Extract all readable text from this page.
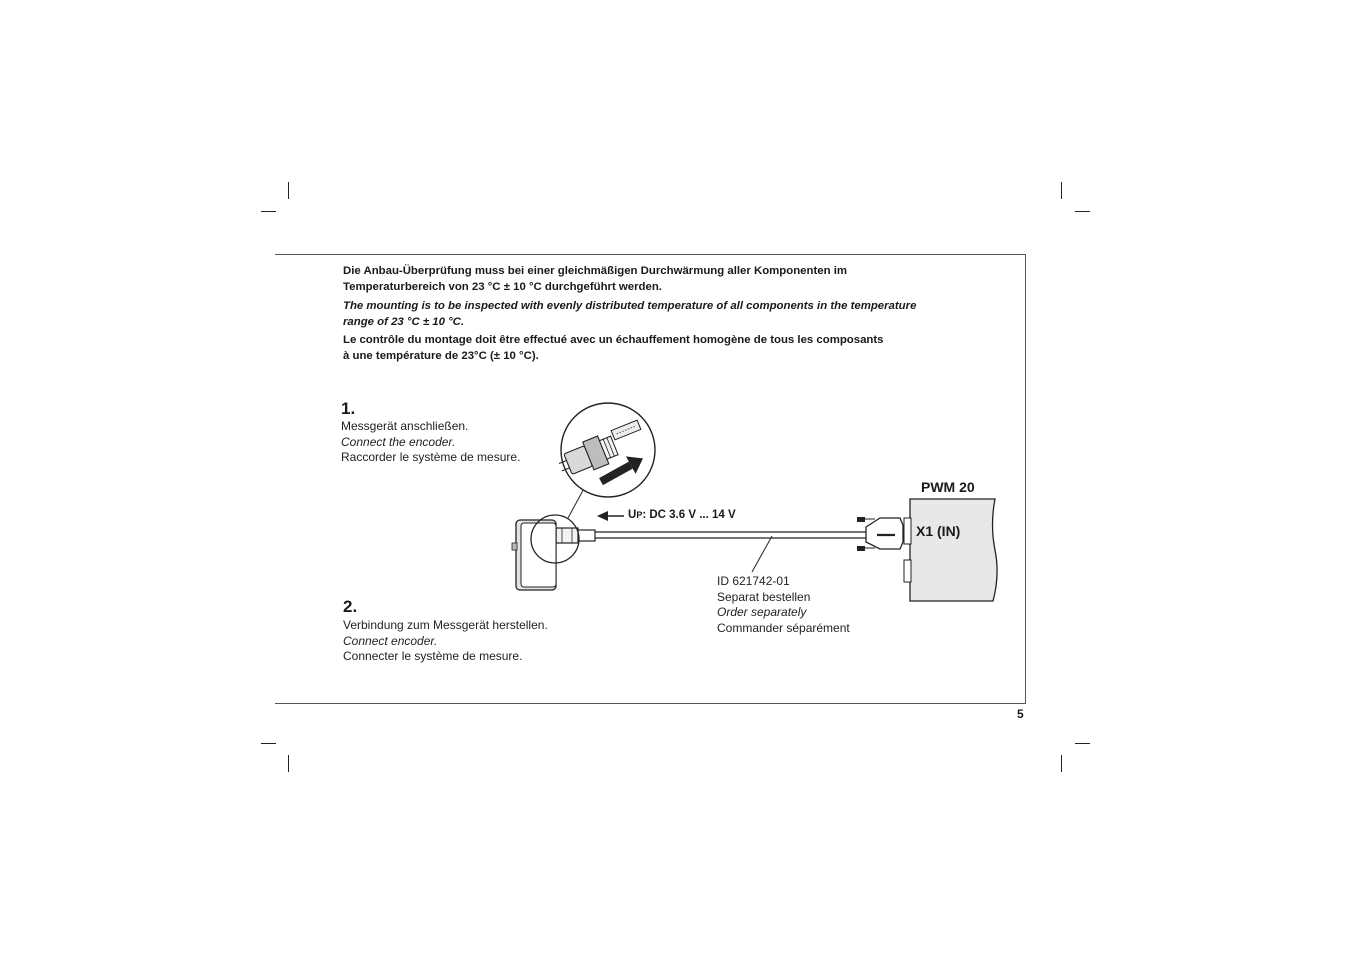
Die Anbau-Überprüfung muss bei einer gleichmäßigen Durchwärmung aller Komponenten im
Temperaturbereich von 23 °C ± 10 °C durchgeführt werden.
The mounting is to be inspected with evenly distributed temperature of all components in the temperature
range of 23 °C ± 10 °C.
Le contrôle du montage doit être effectué avec un échauffement homogène de tous les composants
à une température de 23°C (± 10 °C).
1.
Messgerät anschließen.
Connect the encoder.
Raccorder le système de mesure.
2.
Verbindung zum Messgerät herstellen.
Connect encoder.
Connecter le système de mesure.
PWM 20
X1 (IN)
UP: DC 3.6 V ... 14 V
ID 621742-01
Separat bestellen
Order separately
Commander séparément
5
